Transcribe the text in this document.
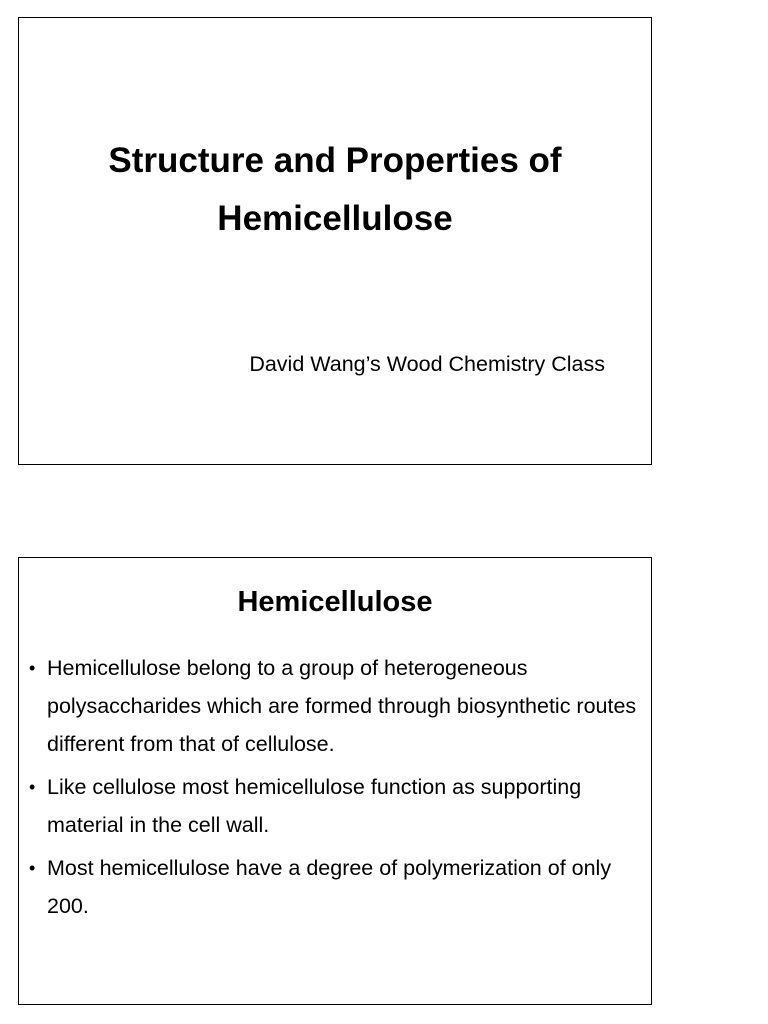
Structure and Properties of
Hemicellulose

David Wang’s Wood Chemistry Class

Hemicellulose
• Hemicellulose belong to a group of heterogeneous polysaccharides which are formed through biosynthetic routes different from that of cellulose.
• Like cellulose most hemicellulose function as supporting material in the cell wall.
• Most hemicellulose have a degree of polymerization of only 200.
